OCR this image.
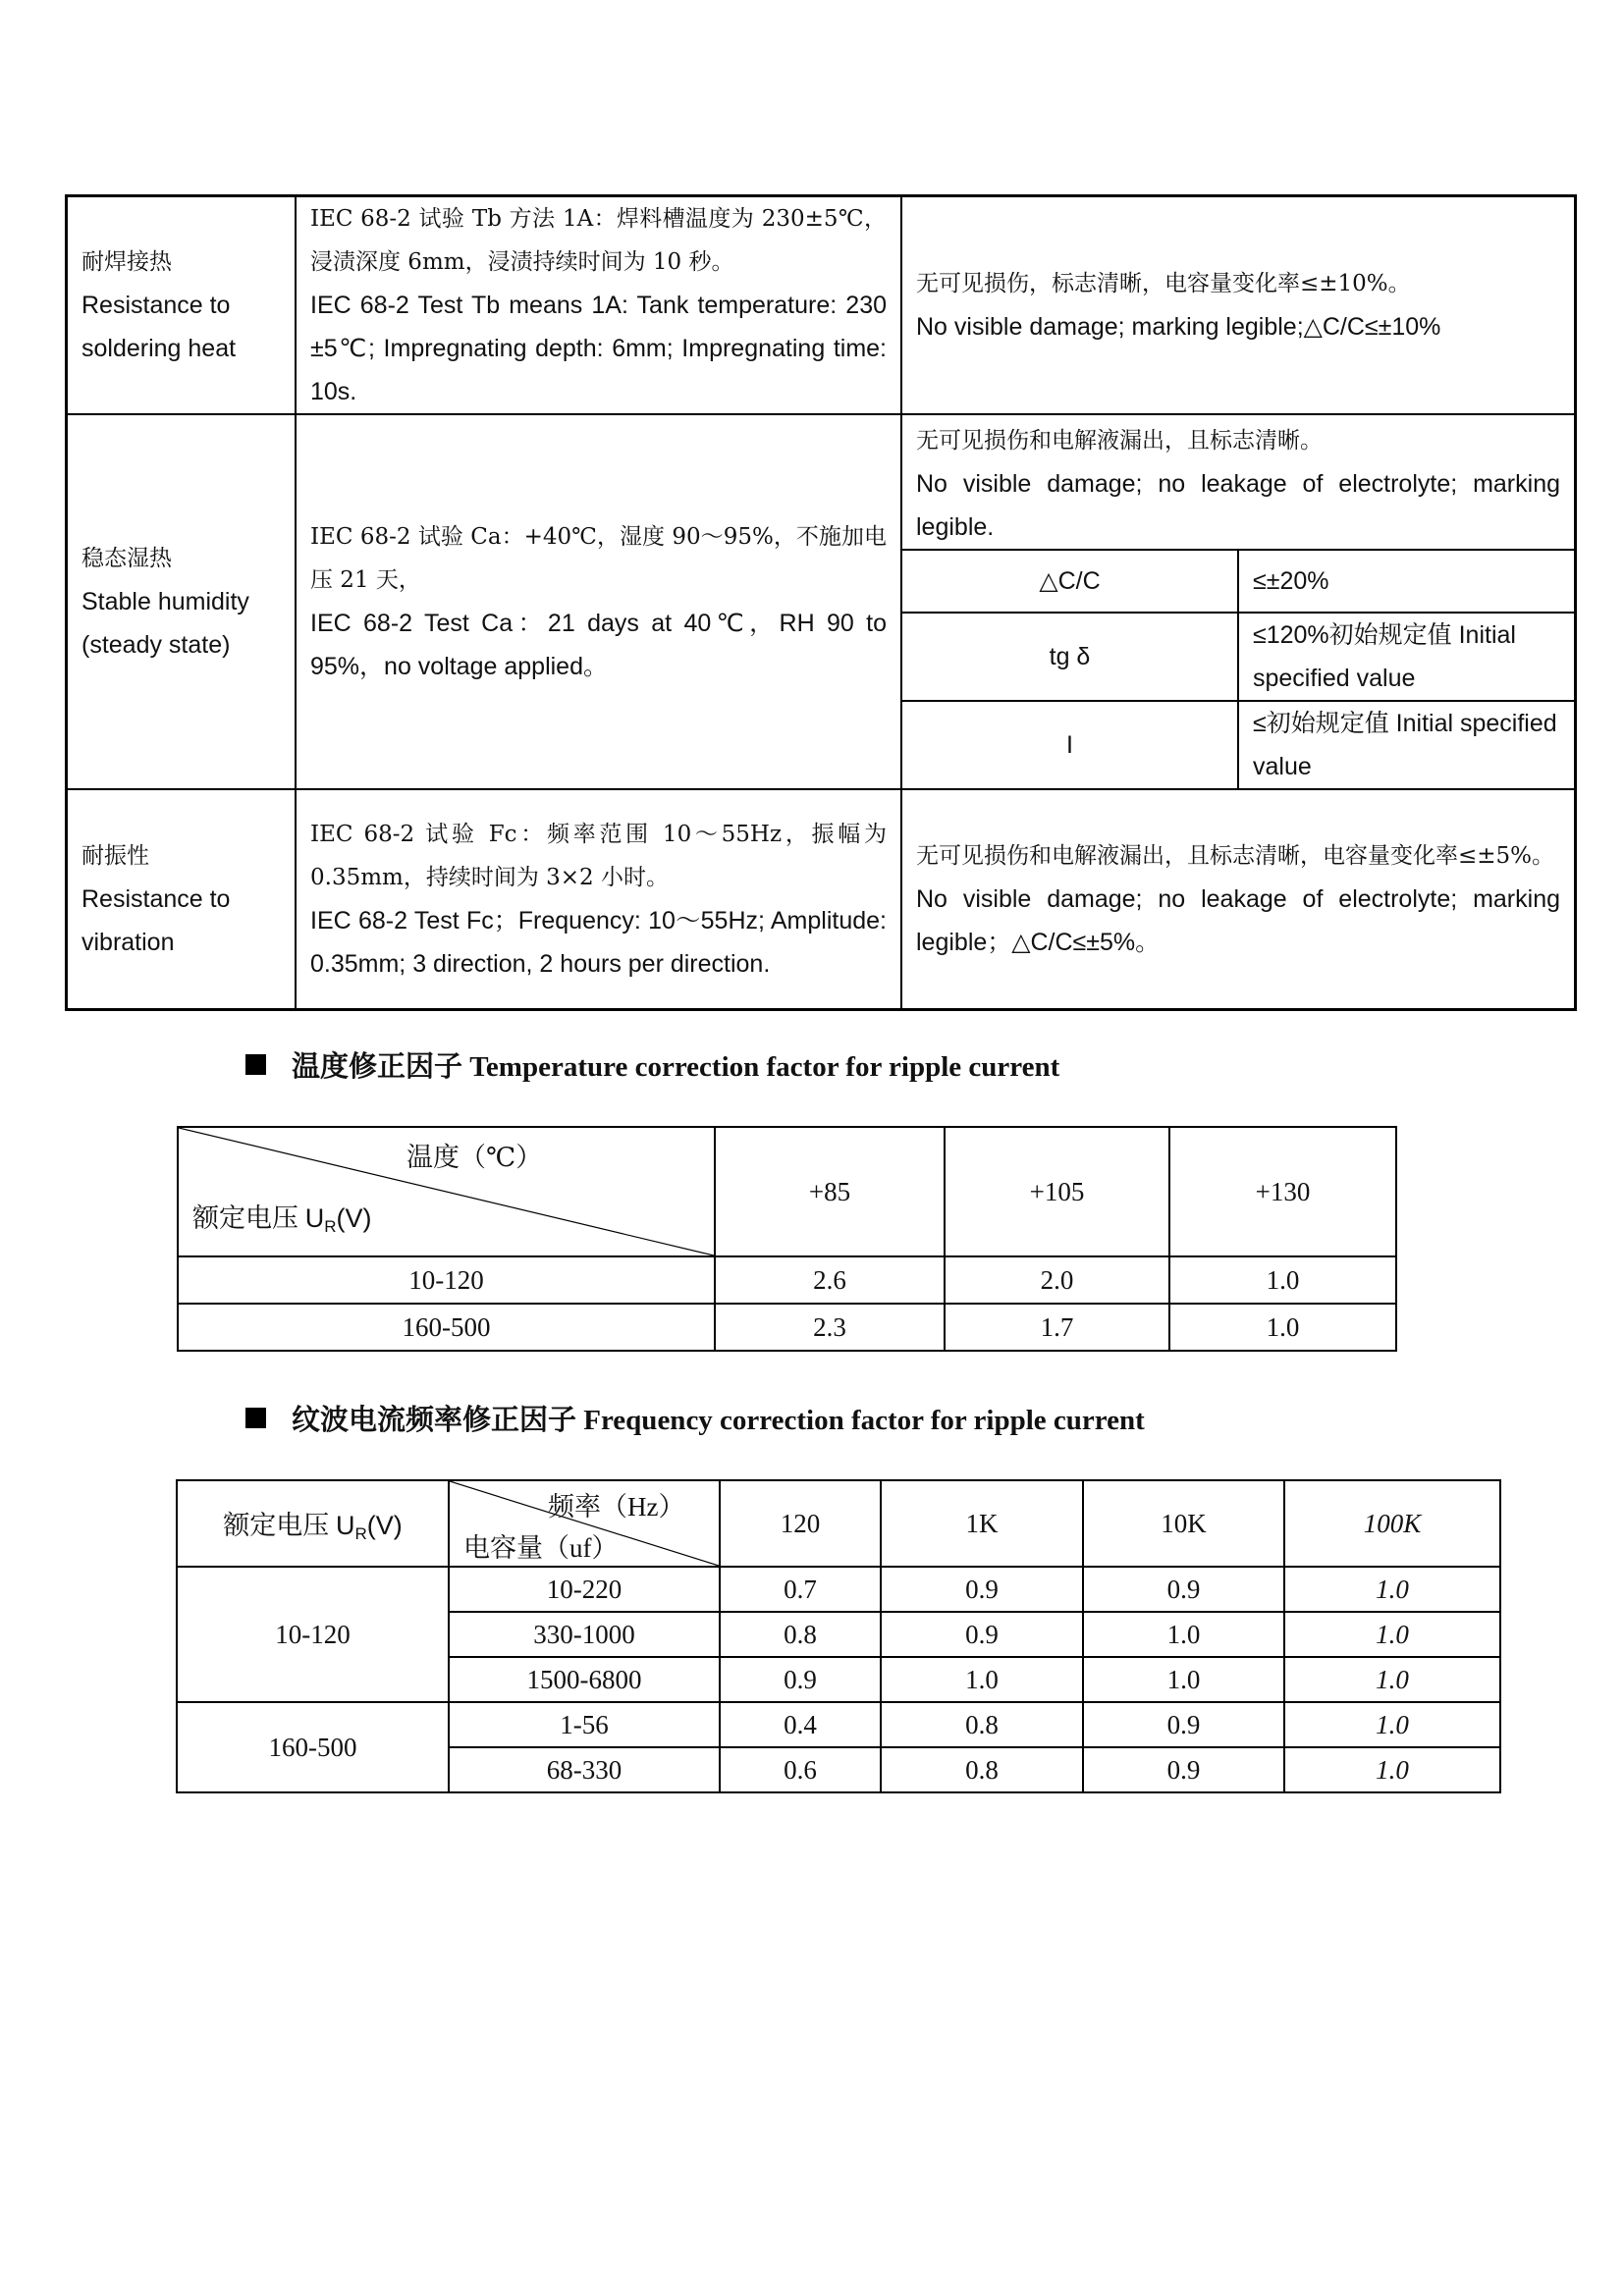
耐焊接热
Resistance to
soldering heat

IEC 68-2 试验 Tb 方法 1A：焊料槽温度为 230±5℃，浸渍深度 6mm，浸渍持续时间为 10 秒。
IEC 68-2 Test Tb means 1A: Tank temperature: 230 ±5℃; Impregnating depth: 6mm; Impregnating time: 10s.

无可见损伤，标志清晰，电容量变化率≤±10%。
No visible damage; marking legible;△C/C≤±10%

稳态湿热
Stable humidity
(steady state)

IEC 68-2 试验 Ca：+40℃，湿度 90～95%，不施加电压 21 天，
IEC 68-2 Test Ca：21 days at 40℃，RH 90 to 95%，no voltage applied。

无可见损伤和电解液漏出，且标志清晰。
No visible damage; no leakage of electrolyte; marking legible.

△C/C	≤±20%
tg δ	≤120%初始规定值 Initial specified value
I	≤初始规定值 Initial specified value

耐振性
Resistance to
vibration

IEC 68-2 试验 Fc：频率范围 10～55Hz，振幅为 0.35mm，持续时间为 3×2 小时。
IEC 68-2 Test Fc；Frequency: 10～55Hz; Amplitude: 0.35mm; 3 direction, 2 hours per direction.

无可见损伤和电解液漏出，且标志清晰，电容量变化率≤±5%。
No visible damage; no leakage of electrolyte; marking legible；△C/C≤±5%。
温度修正因子 Temperature correction factor for ripple current
温度（℃）
额定电压 $U_R(V)$	+85	+105	+130
10-120	2.6	2.0	1.0
160-500	2.3	1.7	1.0
纹波电流频率修正因子 Frequency correction factor for ripple current
额定电压 $U_R(V)$	频率（Hz）
电容量（uf）	120	1K	10K	100K
10-120	10-220	0.7	0.9	0.9	1.0
	330-1000	0.8	0.9	1.0	1.0
	1500-6800	0.9	1.0	1.0	1.0
160-500	1-56	0.4	0.8	0.9	1.0
	68-330	0.6	0.8	0.9	1.0
